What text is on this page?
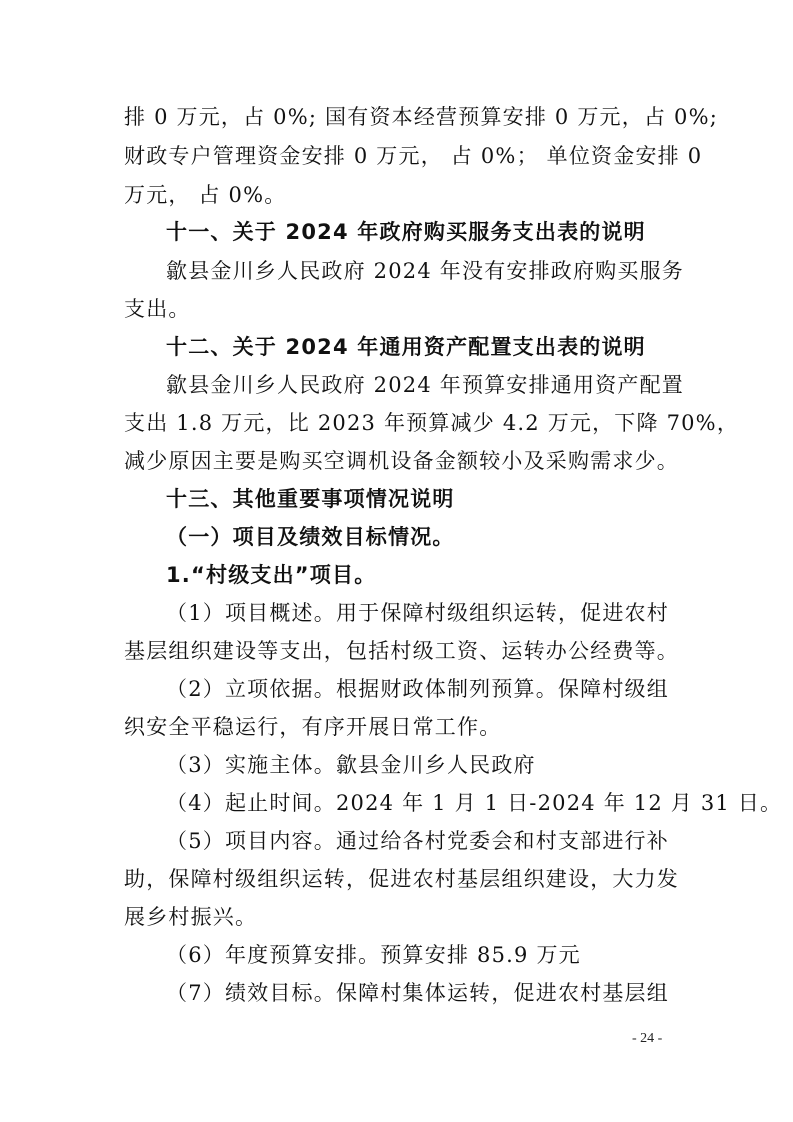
排 0 万元，占 0%; 国有资本经营预算安排 0 万元，占 0%;
财政专户管理资金安排 0 万元， 占 0%； 单位资金安排 0
万元， 占 0%。
十一、关于 2024 年政府购买服务支出表的说明
歙县金川乡人民政府 2024 年没有安排政府购买服务
支出。
十二、关于 2024 年通用资产配置支出表的说明
歙县金川乡人民政府 2024 年预算安排通用资产配置
支出 1.8 万元，比 2023 年预算减少 4.2 万元，下降 70%，
减少原因主要是购买空调机设备金额较小及采购需求少。
十三、其他重要事项情况说明
（一）项目及绩效目标情况。
1.“村级支出”项目。
（1）项目概述。用于保障村级组织运转，促进农村
基层组织建设等支出，包括村级工资、运转办公经费等。
（2）立项依据。根据财政体制列预算。保障村级组
织安全平稳运行，有序开展日常工作。
（3）实施主体。歙县金川乡人民政府
（4）起止时间。2024 年 1 月 1 日-2024 年 12 月 31 日。
（5）项目内容。通过给各村党委会和村支部进行补
助，保障村级组织运转，促进农村基层组织建设，大力发
展乡村振兴。
（6）年度预算安排。预算安排 85.9 万元
（7）绩效目标。保障村集体运转，促进农村基层组
- 24 -
